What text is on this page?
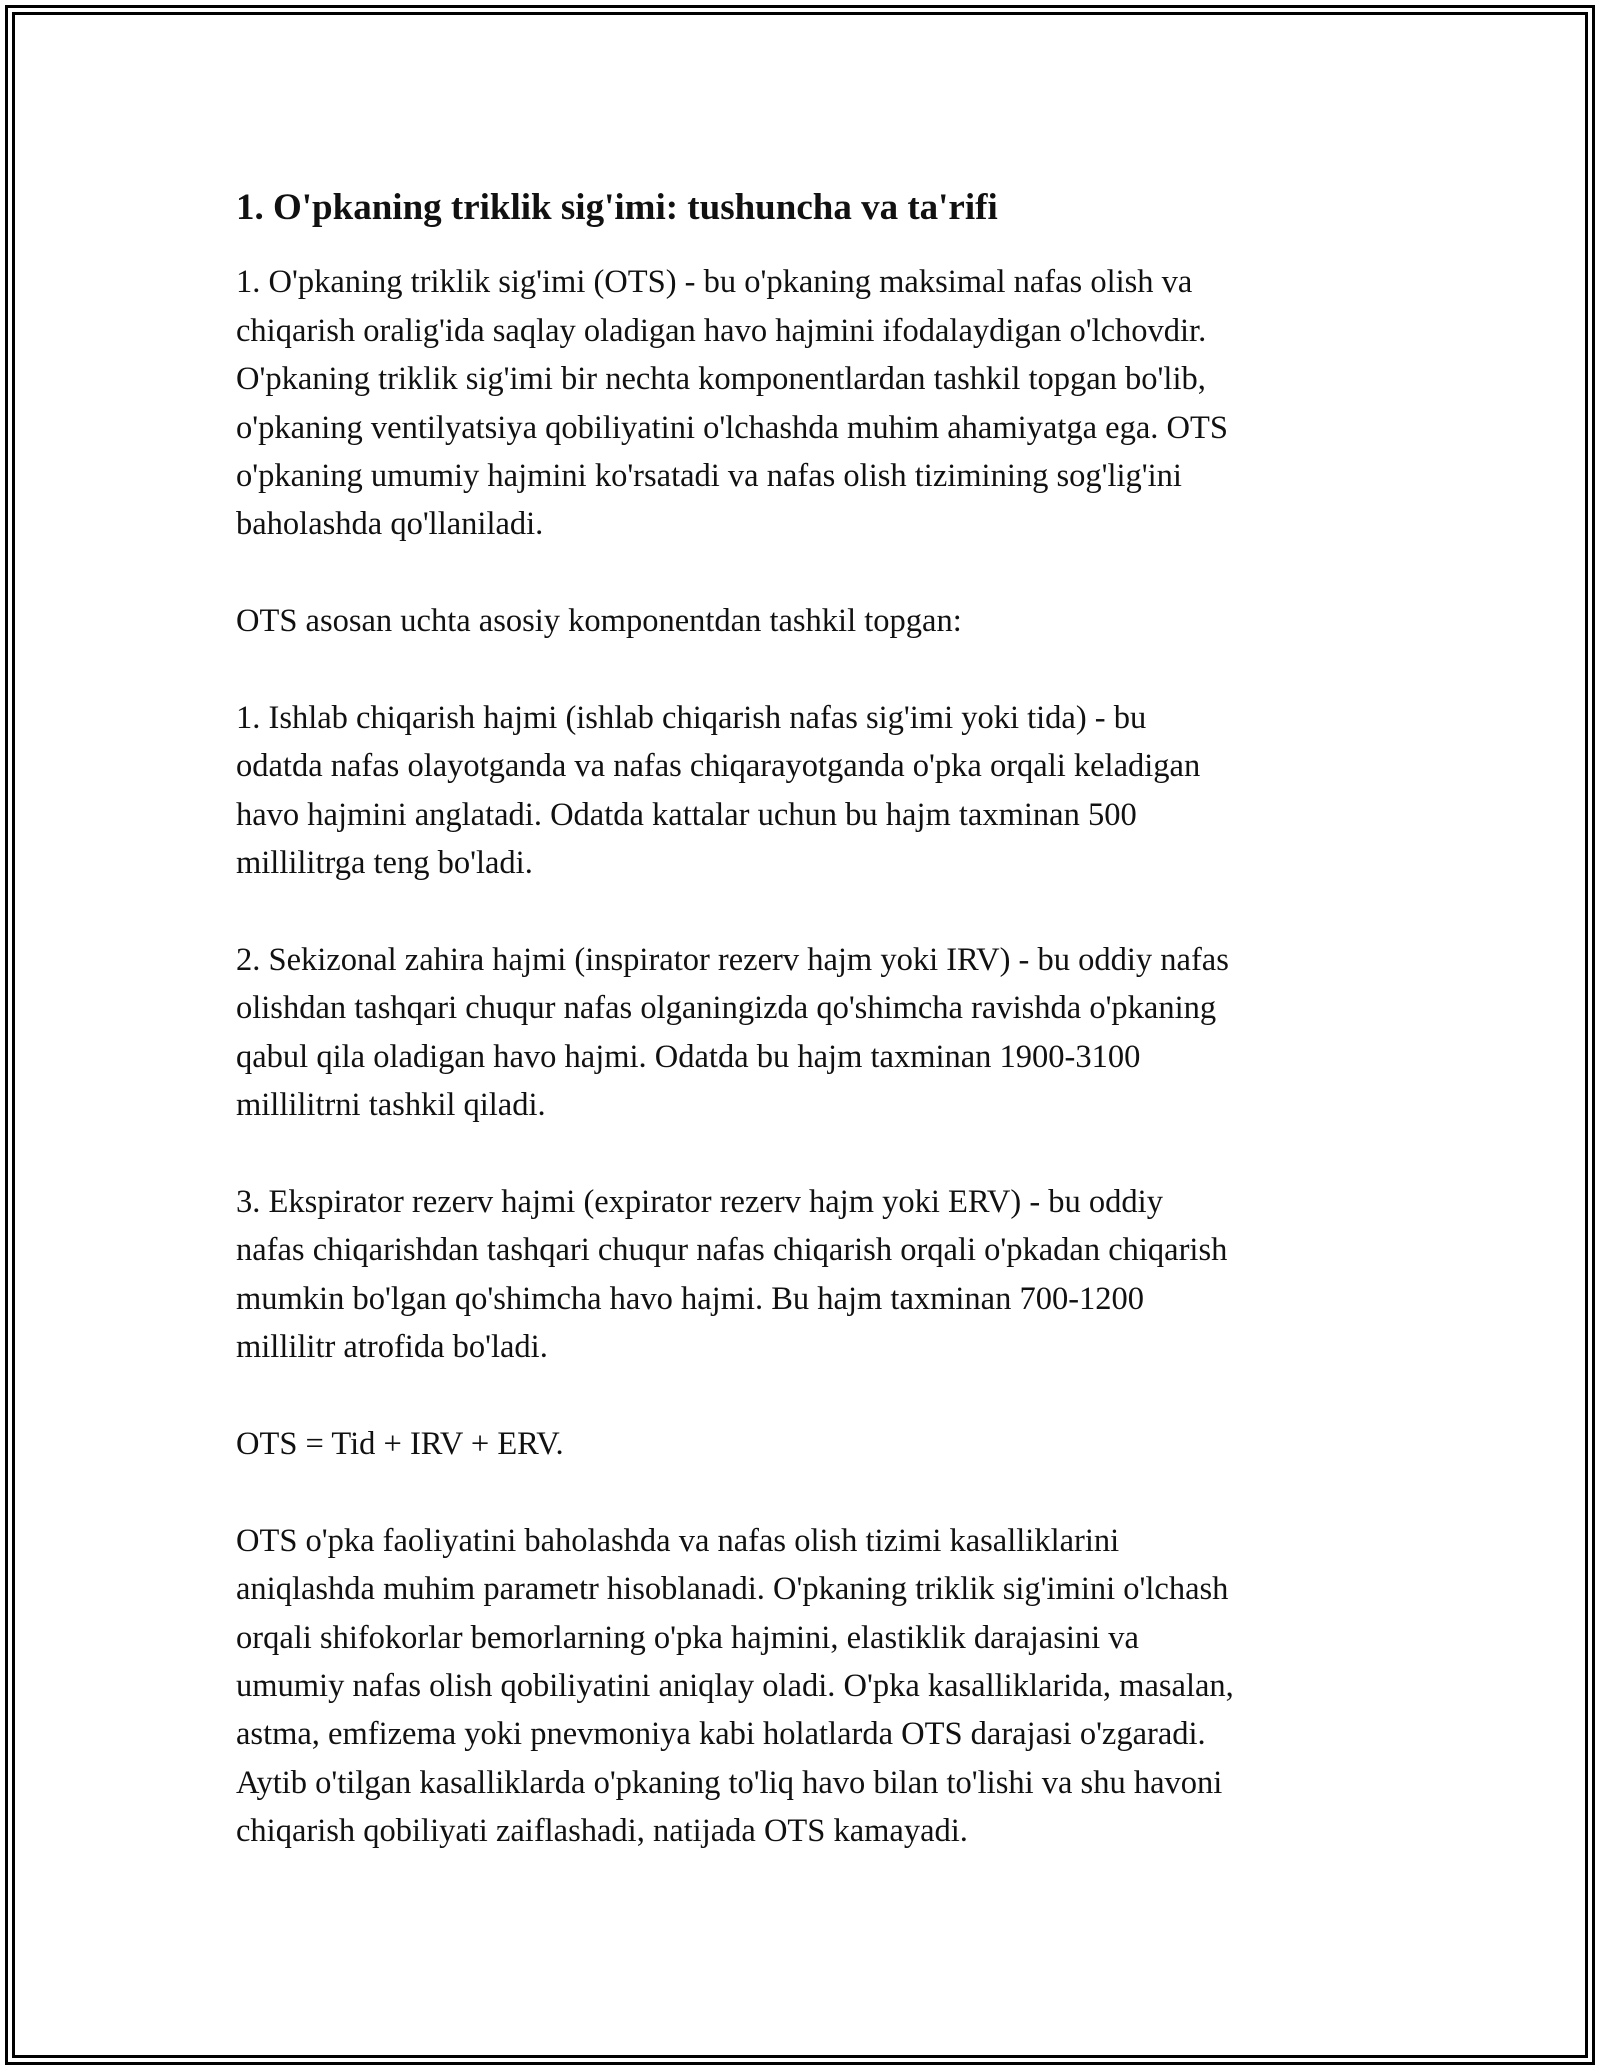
1. O'pkaning triklik sig'imi: tushuncha va ta'rifi

1. O'pkaning triklik sig'imi (OTS) - bu o'pkaning maksimal nafas olish va
chiqarish oralig'ida saqlay oladigan havo hajmini ifodalaydigan o'lchovdir.
O'pkaning triklik sig'imi bir nechta komponentlardan tashkil topgan bo'lib,
o'pkaning ventilyatsiya qobiliyatini o'lchashda muhim ahamiyatga ega. OTS
o'pkaning umumiy hajmini ko'rsatadi va nafas olish tizimining sog'lig'ini
baholashda qo'llaniladi.

OTS asosan uchta asosiy komponentdan tashkil topgan:

1. Ishlab chiqarish hajmi (ishlab chiqarish nafas sig'imi yoki tida) - bu
odatda nafas olayotganda va nafas chiqarayotganda o'pka orqali keladigan
havo hajmini anglatadi. Odatda kattalar uchun bu hajm taxminan 500
millilitrga teng bo'ladi.

2. Sekizonal zahira hajmi (inspirator rezerv hajm yoki IRV) - bu oddiy nafas
olishdan tashqari chuqur nafas olganingizda qo'shimcha ravishda o'pkaning
qabul qila oladigan havo hajmi. Odatda bu hajm taxminan 1900-3100
millilitrni tashkil qiladi.

3. Ekspirator rezerv hajmi (expirator rezerv hajm yoki ERV) - bu oddiy
nafas chiqarishdan tashqari chuqur nafas chiqarish orqali o'pkadan chiqarish
mumkin bo'lgan qo'shimcha havo hajmi. Bu hajm taxminan 700-1200
millilitr atrofida bo'ladi.

OTS = Tid + IRV + ERV.

OTS o'pka faoliyatini baholashda va nafas olish tizimi kasalliklarini
aniqlashda muhim parametr hisoblanadi. O'pkaning triklik sig'imini o'lchash
orqali shifokorlar bemorlarning o'pka hajmini, elastiklik darajasini va
umumiy nafas olish qobiliyatini aniqlay oladi. O'pka kasalliklarida, masalan,
astma, emfizema yoki pnevmoniya kabi holatlarda OTS darajasi o'zgaradi.
Aytib o'tilgan kasalliklarda o'pkaning to'liq havo bilan to'lishi va shu havoni
chiqarish qobiliyati zaiflashadi, natijada OTS kamayadi.
